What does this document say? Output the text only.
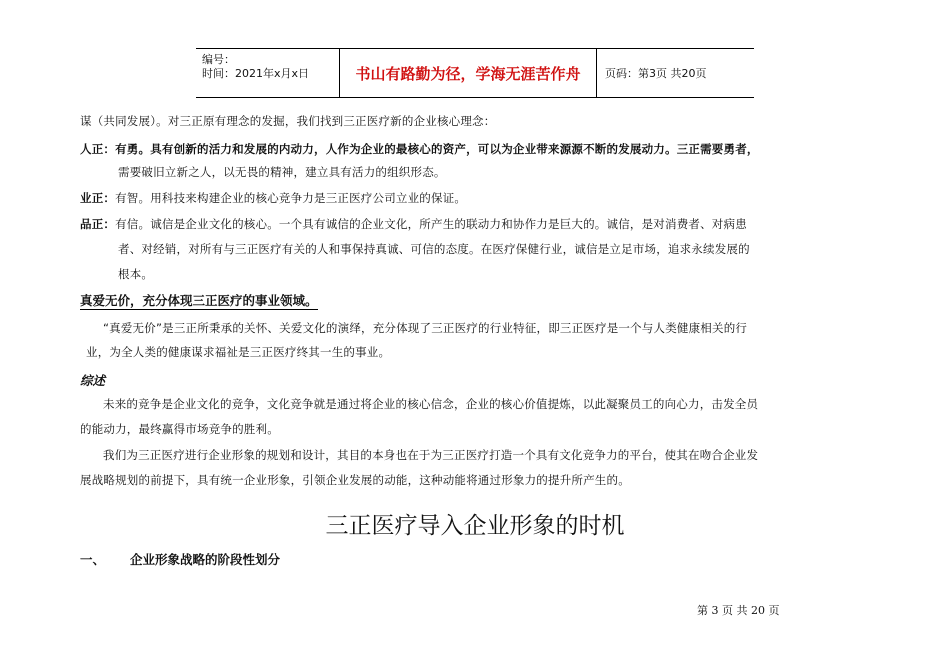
编号：
时间：2021年x月x日	书山有路勤为径，学海无涯苦作舟	页码：第3页 共20页
谋（共同发展）。对三正原有理念的发掘，我们找到三正医疗新的企业核心理念：
人正：有勇。具有创新的活力和发展的内动力，人作为企业的最核心的资产，可以为企业带来源源不断的发展动力。三正需要勇者，
需要破旧立新之人，以无畏的精神，建立具有活力的组织形态。
业正：有智。用科技来构建企业的核心竞争力是三正医疗公司立业的保证。
品正：有信。诚信是企业文化的核心。一个具有诚信的企业文化，所产生的联动力和协作力是巨大的。诚信，是对消费者、对病患
者、对经销，对所有与三正医疗有关的人和事保持真诚、可信的态度。在医疗保健行业，诚信是立足市场，追求永续发展的
根本。
真爱无价，充分体现三正医疗的事业领域。
“真爱无价”是三正所秉承的关怀、关爱文化的演绎，充分体现了三正医疗的行业特征，即三正医疗是一个与人类健康相关的行
业，为全人类的健康谋求福祉是三正医疗终其一生的事业。
综述
未来的竞争是企业文化的竞争，文化竞争就是通过将企业的核心信念，企业的核心价值提炼，以此凝聚员工的向心力，击发全员
的能动力，最终赢得市场竞争的胜利。
我们为三正医疗进行企业形象的规划和设计，其目的本身也在于为三正医疗打造一个具有文化竞争力的平台，使其在吻合企业发
展战略规划的前提下，具有统一企业形象，引领企业发展的动能，这种动能将通过形象力的提升所产生的。
三正医疗导入企业形象的时机
一、 企业形象战略的阶段性划分
第 3 页 共 20 页
